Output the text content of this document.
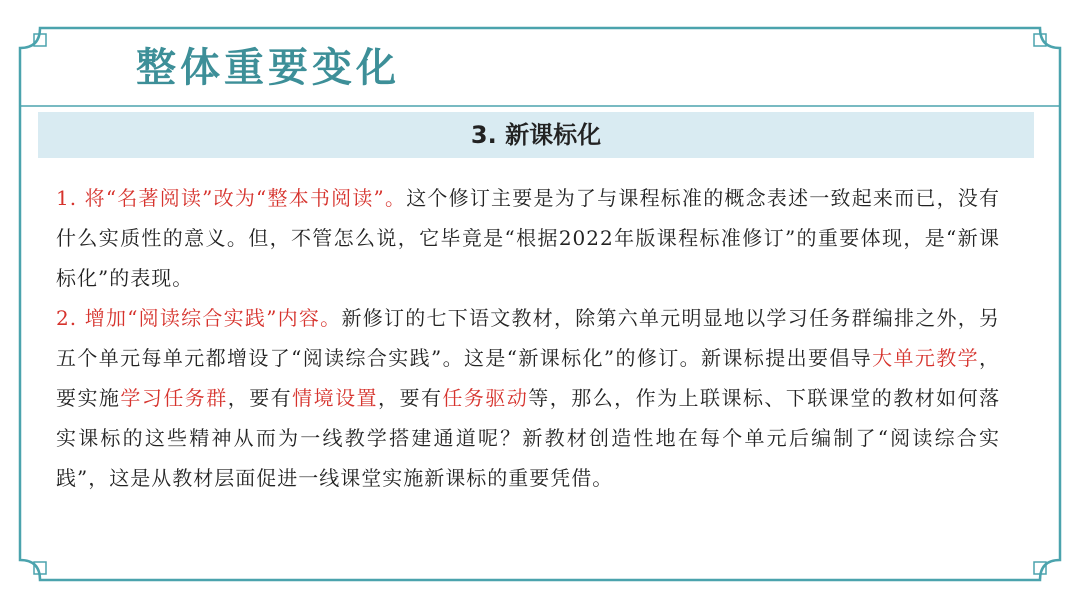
整体重要变化
3. 新课标化

1. 将“名著阅读”改为“整本书阅读”。这个修订主要是为了与课程标准的概念表述一致起来而已，没有什么实质性的意义。但，不管怎么说，它毕竟是“根据2022年版课程标准修订”的重要体现，是“新课标化”的表现。

2. 增加“阅读综合实践”内容。新修订的七下语文教材，除第六单元明显地以学习任务群编排之外，另五个单元每单元都增设了“阅读综合实践”。这是“新课标化”的修订。新课标提出要倡导大单元教学，要实施学习任务群，要有情境设置，要有任务驱动等，那么，作为上联课标、下联课堂的教材如何落实课标的这些精神从而为一线教学搭建通道呢？新教材创造性地在每个单元后编制了“阅读综合实践”，这是从教材层面促进一线课堂实施新课标的重要凭借。
